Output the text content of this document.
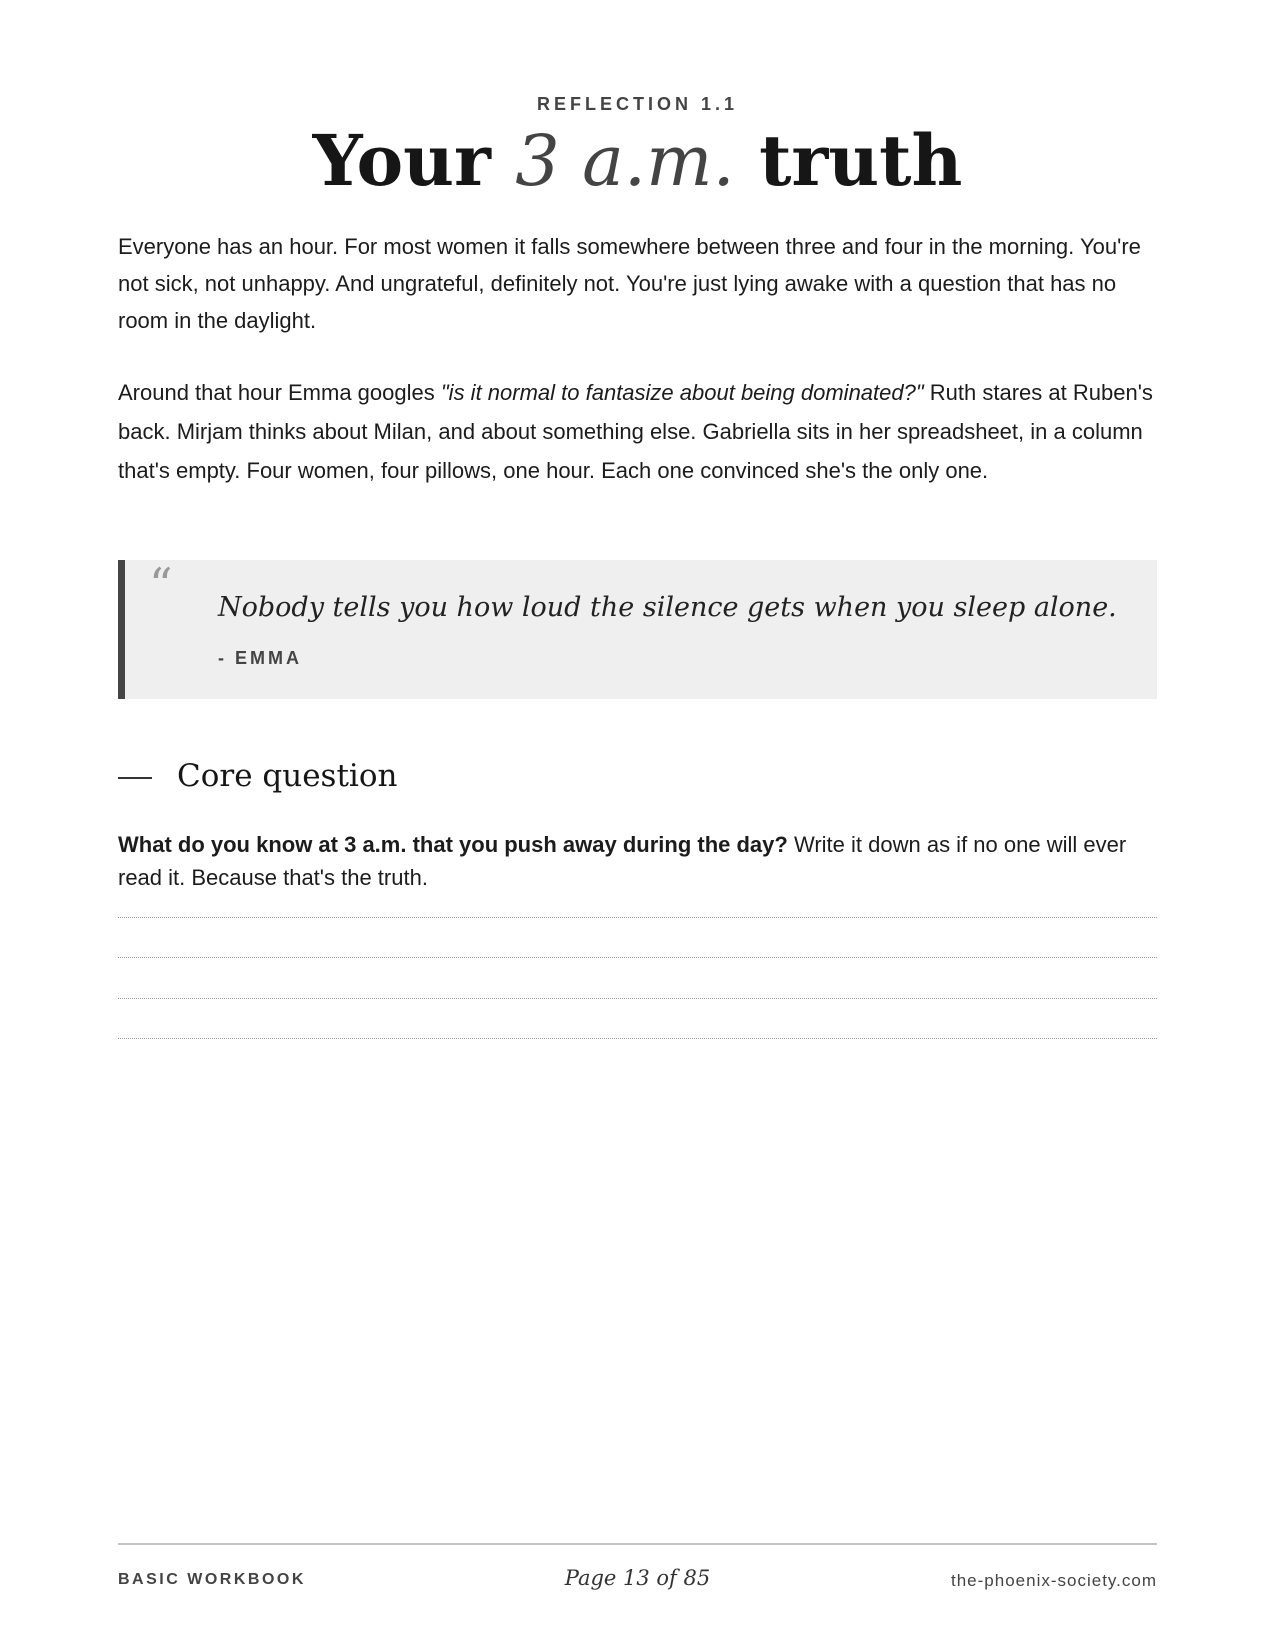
REFLECTION 1.1
Your 3 a.m. truth

Everyone has an hour. For most women it falls somewhere between three and four in the morning. You're not sick, not unhappy. And ungrateful, definitely not. You're just lying awake with a question that has no room in the daylight.

Around that hour Emma googles "is it normal to fantasize about being dominated?" Ruth stares at Ruben's back. Mirjam thinks about Milan, and about something else. Gabriella sits in her spreadsheet, in a column that's empty. Four women, four pillows, one hour. Each one convinced she's the only one.

“ Nobody tells you how loud the silence gets when you sleep alone.
- EMMA
Core question

What do you know at 3 a.m. that you push away during the day? Write it down as if no one will ever read it. Because that's the truth.

BASIC WORKBOOK	Page 13 of 85	the-phoenix-society.com
